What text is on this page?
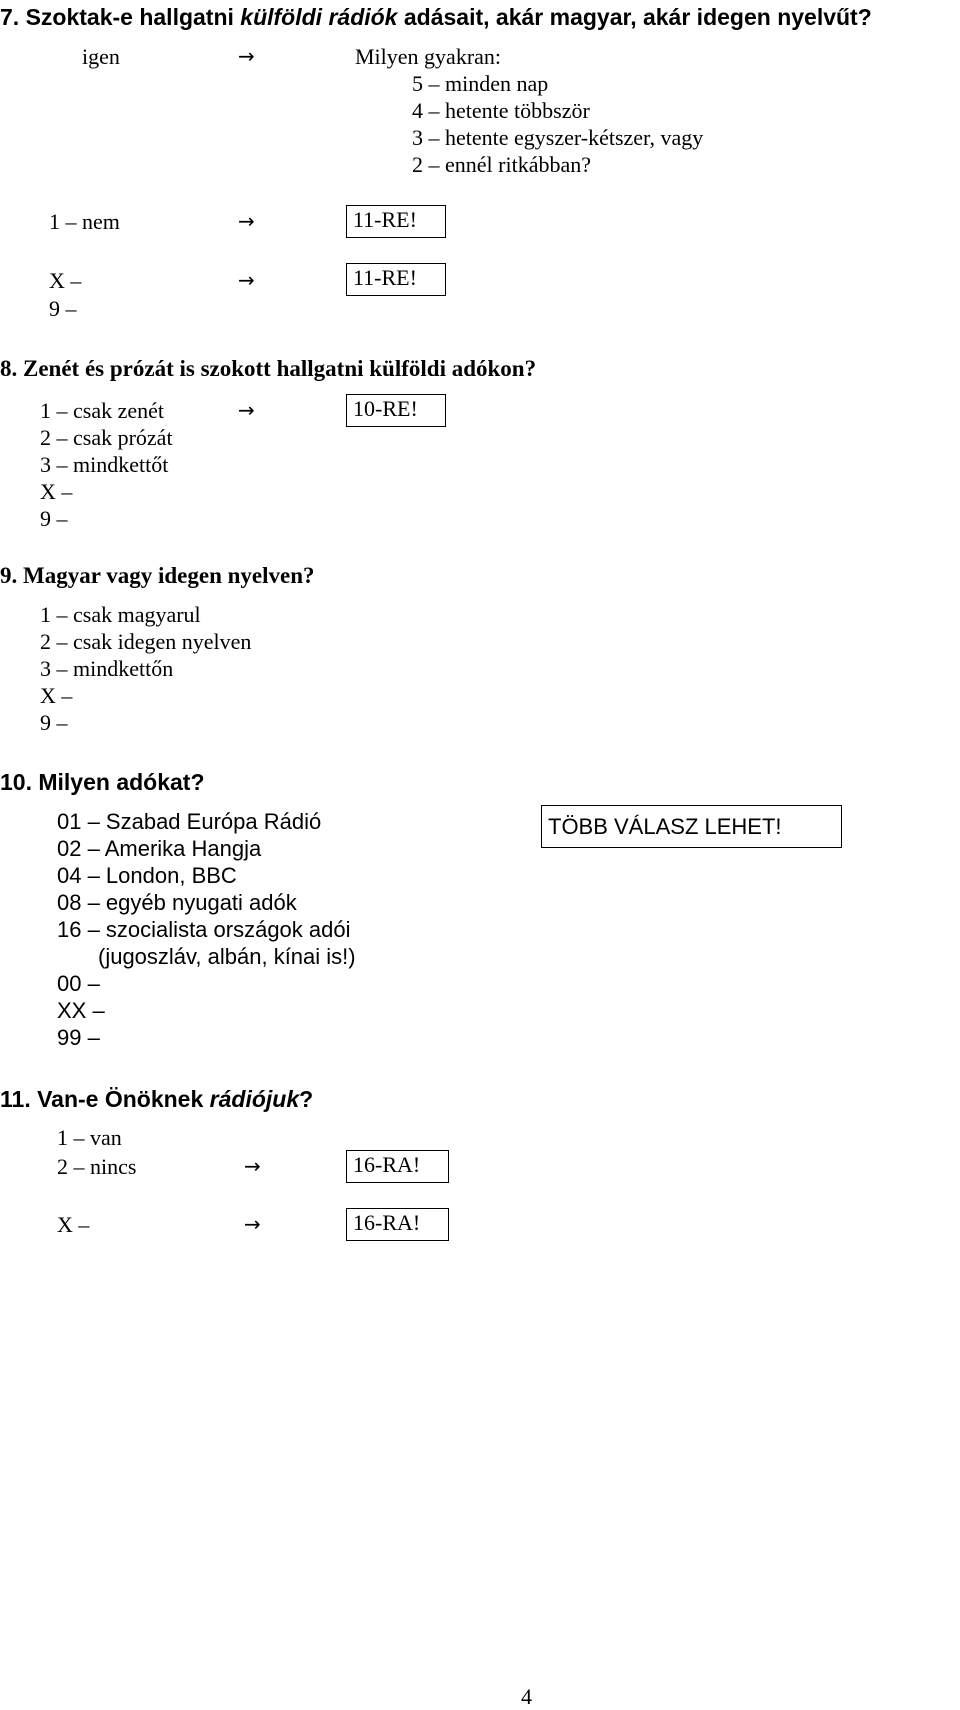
7. Szoktak-e hallgatni külföldi rádiók adásait, akár magyar, akár idegen nyelvűt?
igen	→	Milyen gyakran:
5 – minden nap
4 – hetente többször
3 – hetente egyszer-kétszer, vagy
2 – ennél ritkábban?
1 – nem	→	11-RE!
X –	→	11-RE!
9 –
8. Zenét és prózát is szokott hallgatni külföldi adókon?
1 – csak zenét	→	10-RE!
2 – csak prózát
3 – mindkettőt
X –
9 –
9. Magyar vagy idegen nyelven?
1 – csak magyarul
2 – csak idegen nyelven
3 – mindkettőn
X –
9 –
10. Milyen adókat?
01 – Szabad Európa Rádió
02 – Amerika Hangja
04 – London, BBC
08 – egyéb nyugati adók
16 – szocialista országok adói
(jugoszláv, albán, kínai is!)
00 –
XX –
99 –
TÖBB VÁLASZ LEHET!
11. Van-e Önöknek rádiójuk?
1 – van
2 – nincs	→	16-RA!
X –	→	16-RA!
4
